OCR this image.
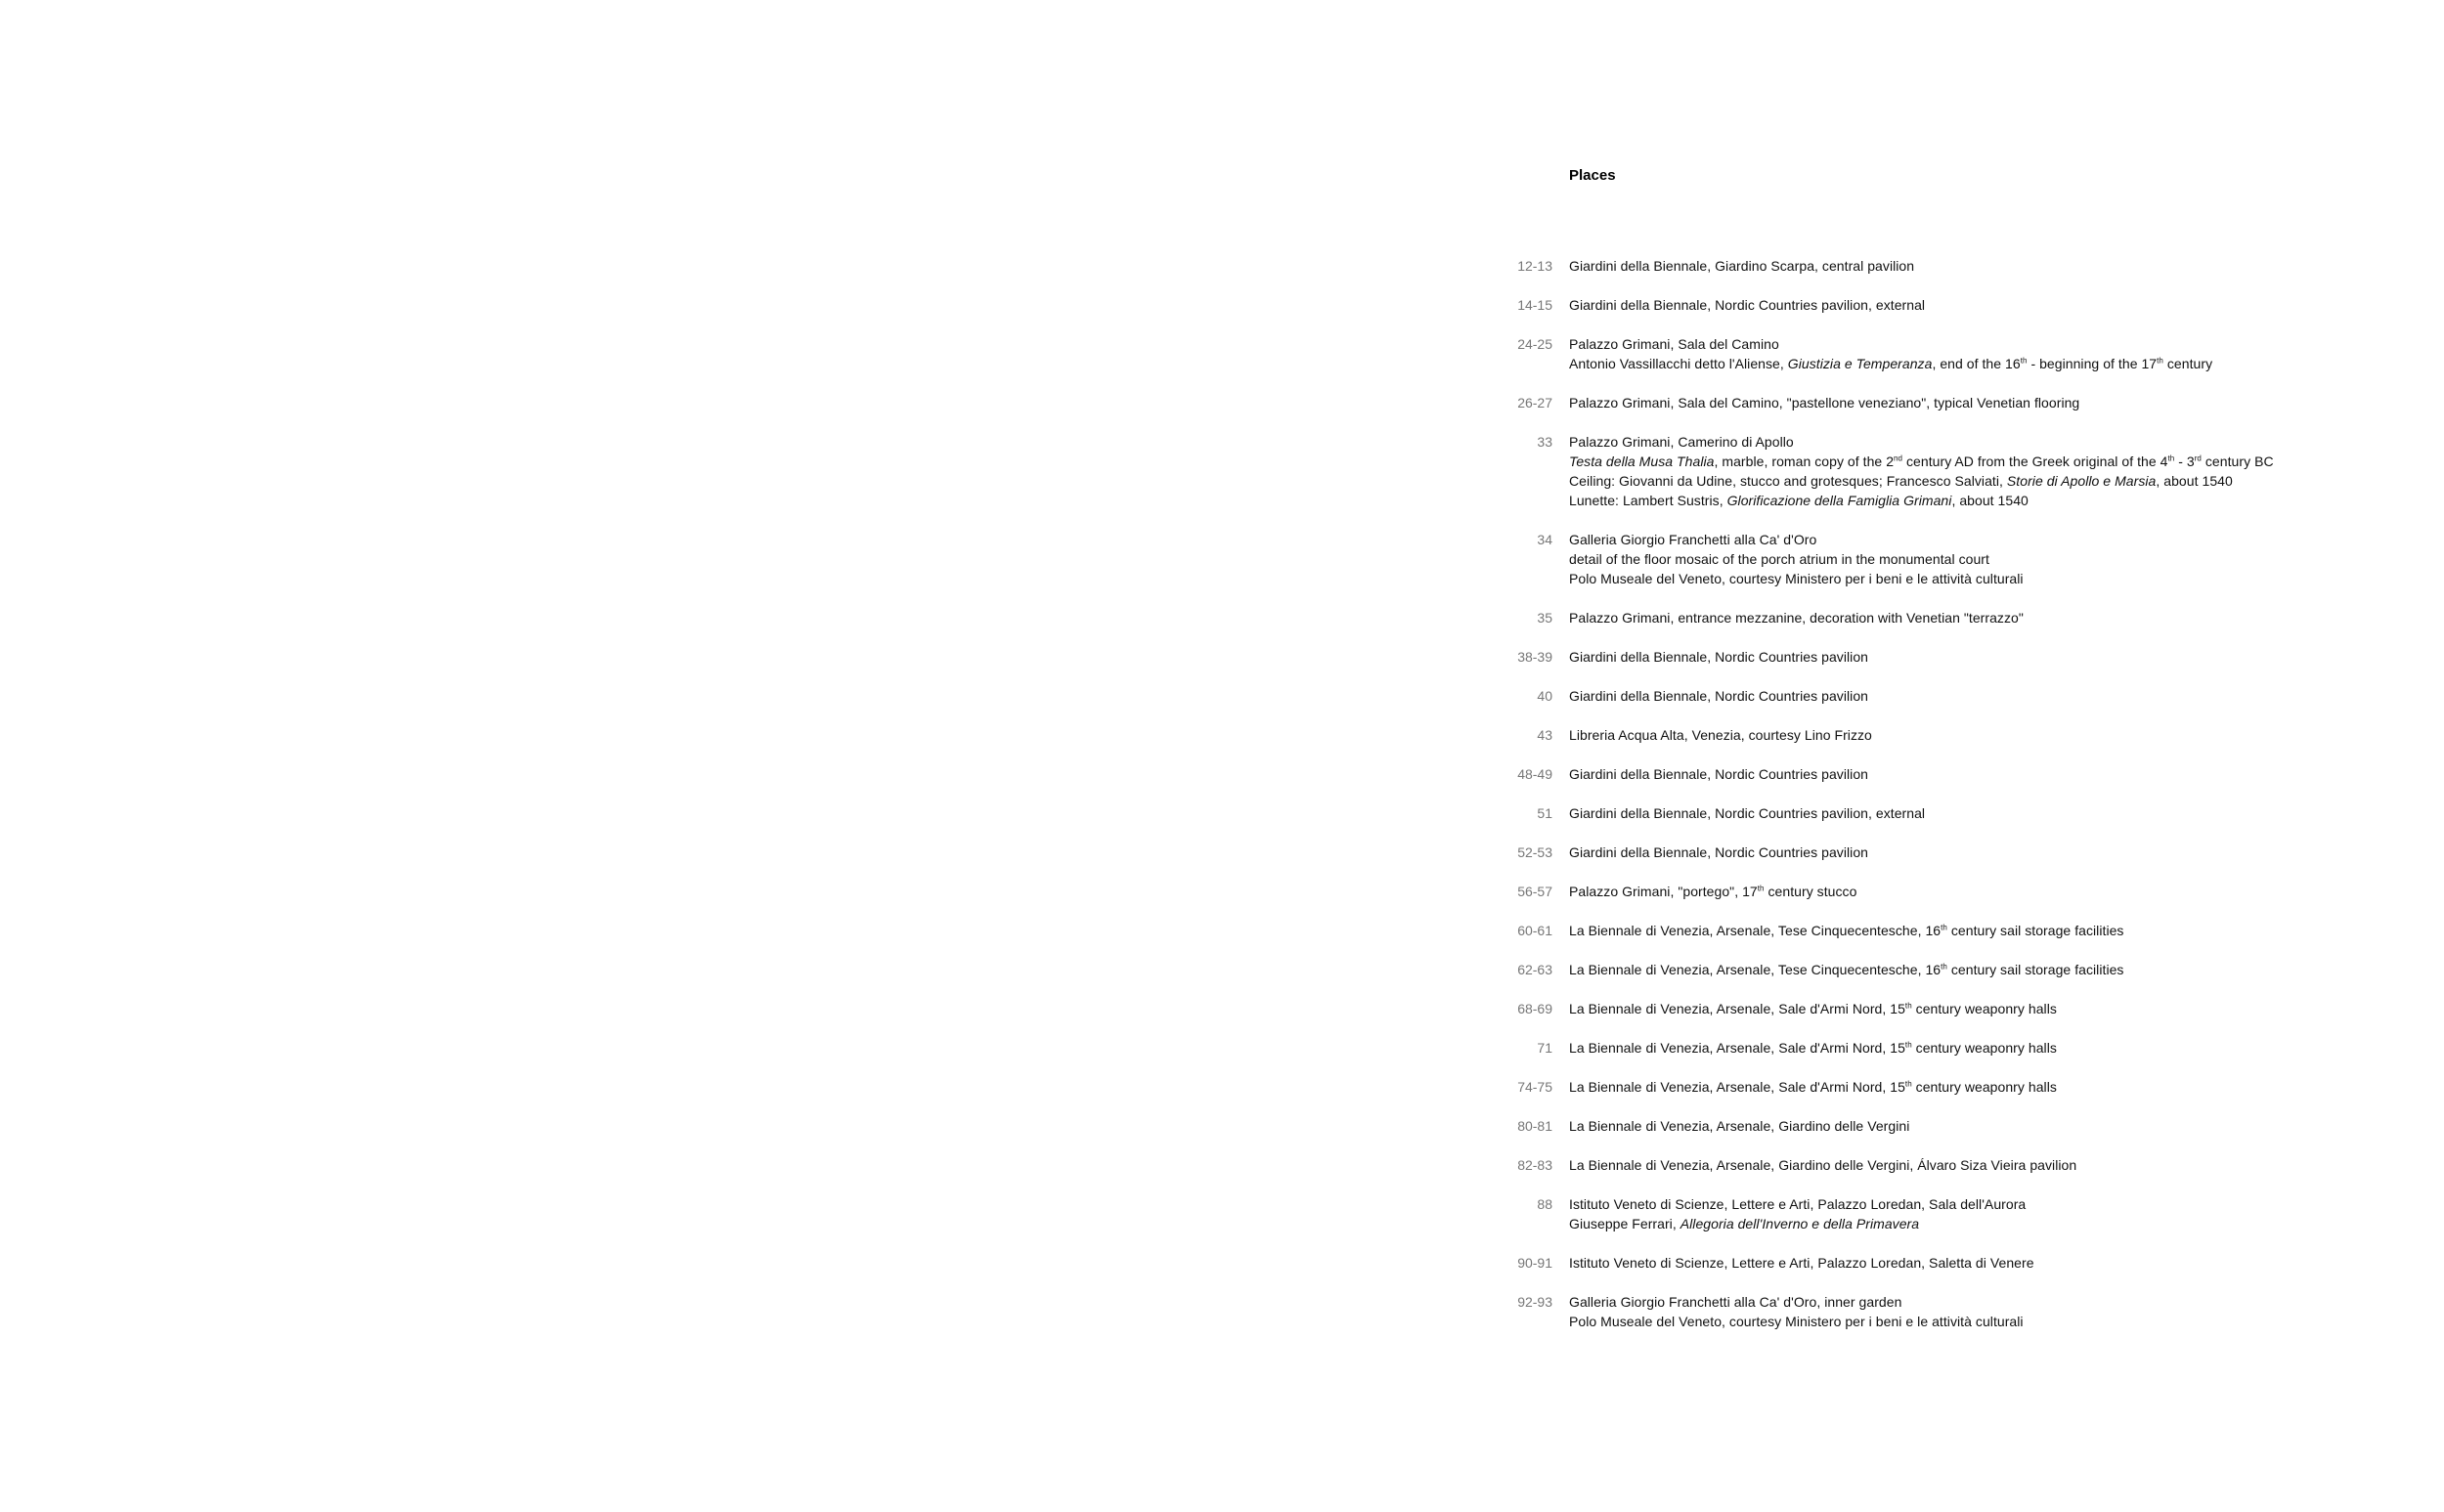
Places
12-13 Giardini della Biennale, Giardino Scarpa, central pavilion
14-15 Giardini della Biennale, Nordic Countries pavilion, external
24-25 Palazzo Grimani, Sala del Camino
Antonio Vassillacchi detto l'Aliense, Giustizia e Temperanza, end of the 16th - beginning of the 17th century
26-27 Palazzo Grimani, Sala del Camino, "pastellone veneziano", typical Venetian flooring
33 Palazzo Grimani, Camerino di Apollo
Testa della Musa Thalia, marble, roman copy of the 2nd century AD from the Greek original of the 4th - 3rd century BC
Ceiling: Giovanni da Udine, stucco and grotesques; Francesco Salviati, Storie di Apollo e Marsia, about 1540
Lunette: Lambert Sustris, Glorificazione della Famiglia Grimani, about 1540
34 Galleria Giorgio Franchetti alla Ca' d'Oro
detail of the floor mosaic of the porch atrium in the monumental court
Polo Museale del Veneto, courtesy Ministero per i beni e le attività culturali
35 Palazzo Grimani, entrance mezzanine, decoration with Venetian "terrazzo"
38-39 Giardini della Biennale, Nordic Countries pavilion
40 Giardini della Biennale, Nordic Countries pavilion
43 Libreria Acqua Alta, Venezia, courtesy Lino Frizzo
48-49 Giardini della Biennale, Nordic Countries pavilion
51 Giardini della Biennale, Nordic Countries pavilion, external
52-53 Giardini della Biennale, Nordic Countries pavilion
56-57 Palazzo Grimani, "portego", 17th century stucco
60-61 La Biennale di Venezia, Arsenale, Tese Cinquecentesche, 16th century sail storage facilities
62-63 La Biennale di Venezia, Arsenale, Tese Cinquecentesche, 16th century sail storage facilities
68-69 La Biennale di Venezia, Arsenale, Sale d'Armi Nord, 15th century weaponry halls
71 La Biennale di Venezia, Arsenale, Sale d'Armi Nord, 15th century weaponry halls
74-75 La Biennale di Venezia, Arsenale, Sale d'Armi Nord, 15th century weaponry halls
80-81 La Biennale di Venezia, Arsenale, Giardino delle Vergini
82-83 La Biennale di Venezia, Arsenale, Giardino delle Vergini, Álvaro Siza Vieira pavilion
88 Istituto Veneto di Scienze, Lettere e Arti, Palazzo Loredan, Sala dell'Aurora
Giuseppe Ferrari, Allegoria dell'Inverno e della Primavera
90-91 Istituto Veneto di Scienze, Lettere e Arti, Palazzo Loredan, Saletta di Venere
92-93 Galleria Giorgio Franchetti alla Ca' d'Oro, inner garden
Polo Museale del Veneto, courtesy Ministero per i beni e le attività culturali
